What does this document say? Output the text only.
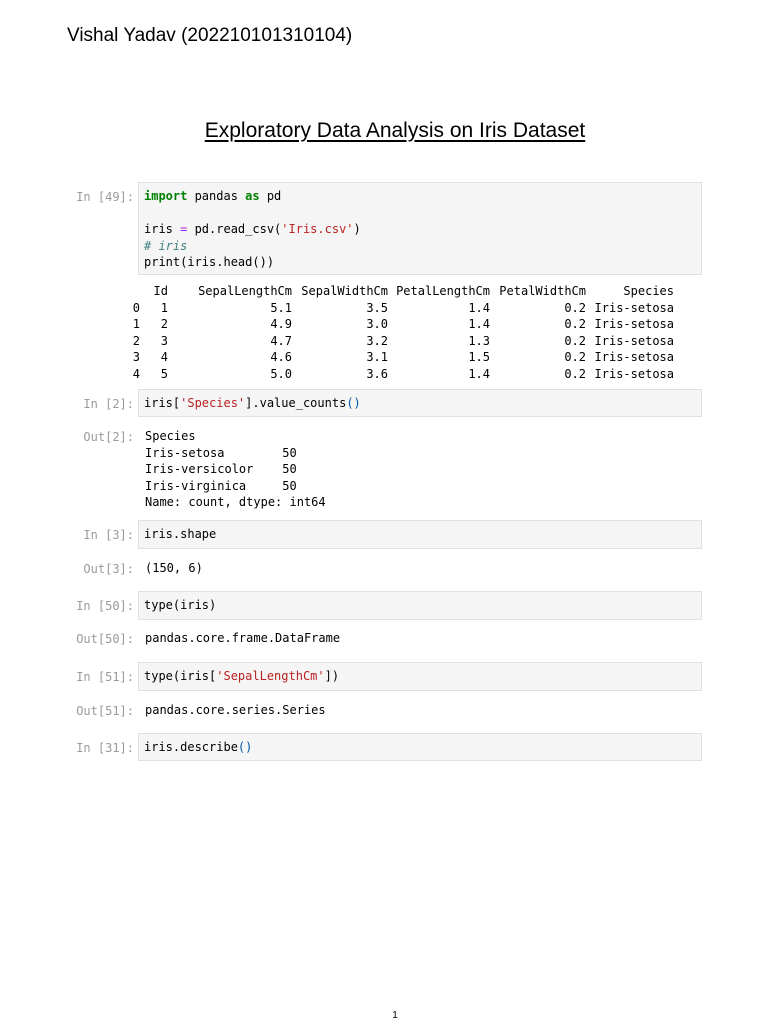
Vishal Yadav (202210101310104)
Exploratory Data Analysis on Iris Dataset
In [49]: import pandas as pd

iris = pd.read_csv('Iris.csv')
# iris
print(iris.head())
	Id	SepalLengthCm	SepalWidthCm	PetalLengthCm	PetalWidthCm	Species
0	1	5.1	3.5	1.4	0.2	Iris-setosa
1	2	4.9	3.0	1.4	0.2	Iris-setosa
2	3	4.7	3.2	1.3	0.2	Iris-setosa
3	4	4.6	3.1	1.5	0.2	Iris-setosa
4	5	5.0	3.6	1.4	0.2	Iris-setosa
In [2]: iris['Species'].value_counts()
Out[2]: Species
Iris-setosa        50
Iris-versicolor    50
Iris-virginica     50
Name: count, dtype: int64
In [3]: iris.shape
Out[3]: (150, 6)
In [50]: type(iris)
Out[50]: pandas.core.frame.DataFrame
In [51]: type(iris['SepalLengthCm'])
Out[51]: pandas.core.series.Series
In [31]: iris.describe()
1
